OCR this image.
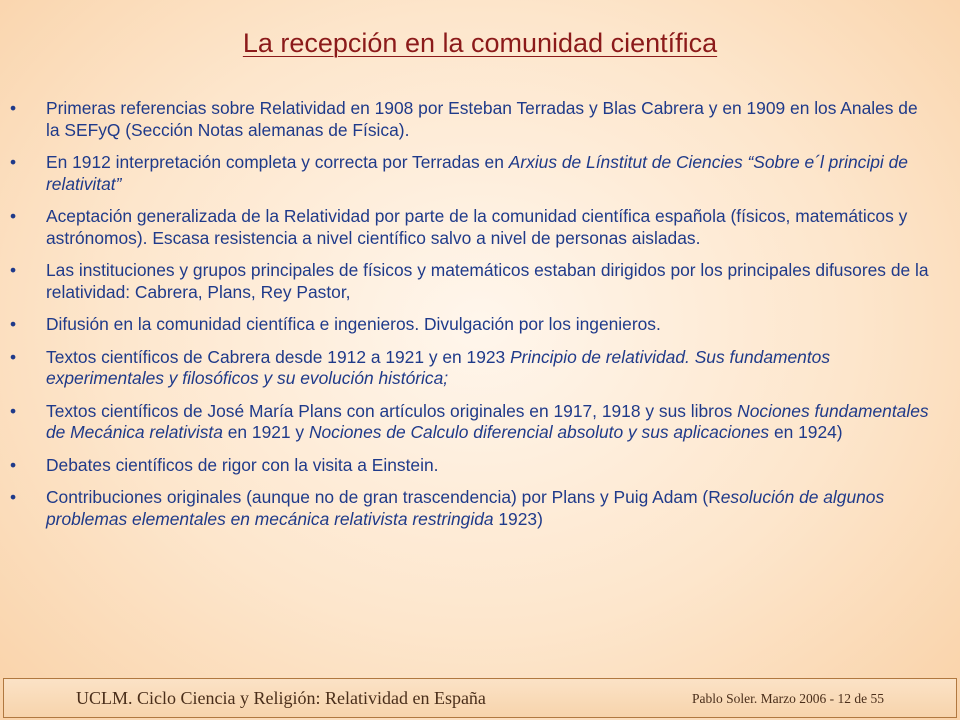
La recepción en la comunidad científica
•	Primeras referencias sobre Relatividad en 1908 por Esteban Terradas y Blas Cabrera y en 1909 en los Anales de la SEFyQ (Sección Notas alemanas de Física).
•	En 1912 interpretación completa y correcta por Terradas en Arxius de Línstitut de Ciencies “Sobre e´l principi de relativitat”
•	Aceptación generalizada de la Relatividad por parte de la comunidad científica española (físicos, matemáticos y astrónomos). Escasa resistencia a nivel científico salvo a nivel de personas aisladas.
•	Las instituciones y grupos principales de físicos y matemáticos estaban dirigidos por los principales difusores de la relatividad: Cabrera, Plans, Rey Pastor,
•	Difusión en la comunidad científica e ingenieros. Divulgación por los ingenieros.
•	Textos científicos de Cabrera desde 1912 a 1921 y en 1923 Principio de relatividad. Sus fundamentos experimentales y filosóficos y su evolución histórica;
•	Textos científicos de José María Plans con artículos originales en 1917, 1918 y sus libros Nociones fundamentales de Mecánica relativista en 1921 y Nociones de Calculo diferencial absoluto y sus aplicaciones en 1924)
•	Debates científicos de rigor con la visita a Einstein.
•	Contribuciones originales (aunque no de gran trascendencia) por Plans y Puig Adam (Resolución de algunos problemas elementales en mecánica relativista restringida 1923)
UCLM. Ciclo Ciencia y Religión: Relatividad en España	Pablo Soler. Marzo 2006 - 12 de 55
